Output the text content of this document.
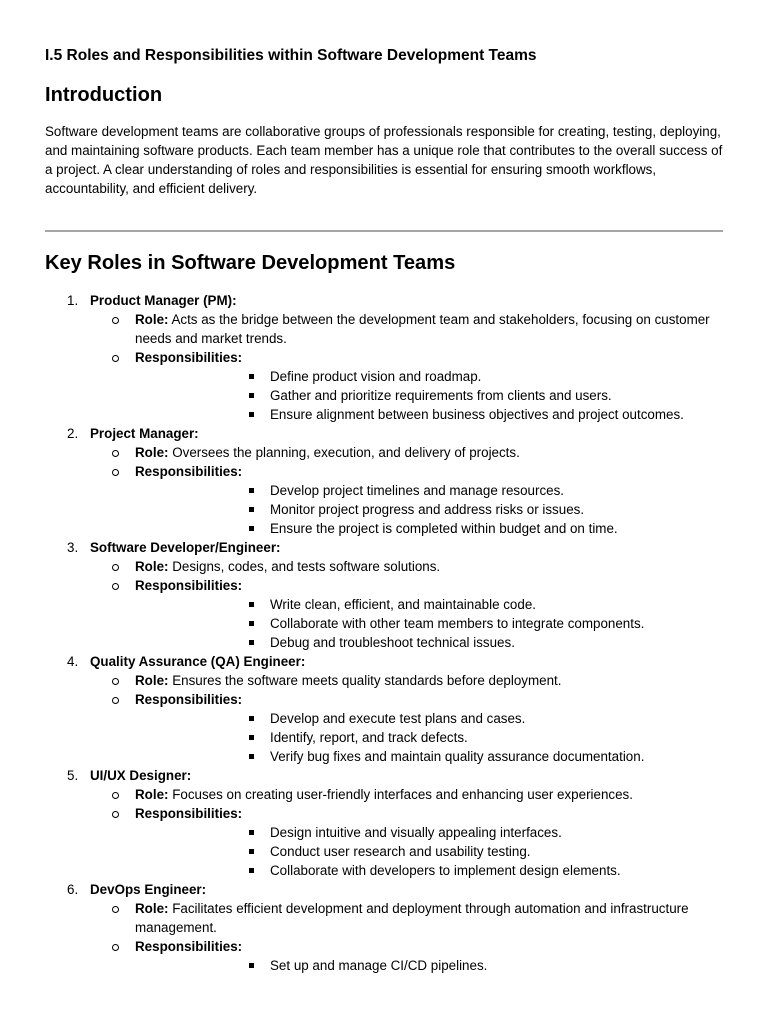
I.5 Roles and Responsibilities within Software Development Teams
Introduction

Software development teams are collaborative groups of professionals responsible for creating, testing, deploying, and maintaining software products. Each team member has a unique role that contributes to the overall success of a project. A clear understanding of roles and responsibilities is essential for ensuring smooth workflows, accountability, and efficient delivery.

Key Roles in Software Development Teams
1. Product Manager (PM):
Role: Acts as the bridge between the development team and stakeholders, focusing on customer needs and market trends.
Responsibilities:
Define product vision and roadmap.
Gather and prioritize requirements from clients and users.
Ensure alignment between business objectives and project outcomes.
2. Project Manager:
Role: Oversees the planning, execution, and delivery of projects.
Responsibilities:
Develop project timelines and manage resources.
Monitor project progress and address risks or issues.
Ensure the project is completed within budget and on time.
3. Software Developer/Engineer:
Role: Designs, codes, and tests software solutions.
Responsibilities:
Write clean, efficient, and maintainable code.
Collaborate with other team members to integrate components.
Debug and troubleshoot technical issues.
4. Quality Assurance (QA) Engineer:
Role: Ensures the software meets quality standards before deployment.
Responsibilities:
Develop and execute test plans and cases.
Identify, report, and track defects.
Verify bug fixes and maintain quality assurance documentation.
5. UI/UX Designer:
Role: Focuses on creating user-friendly interfaces and enhancing user experiences.
Responsibilities:
Design intuitive and visually appealing interfaces.
Conduct user research and usability testing.
Collaborate with developers to implement design elements.
6. DevOps Engineer:
Role: Facilitates efficient development and deployment through automation and infrastructure management.
Responsibilities:
Set up and manage CI/CD pipelines.
